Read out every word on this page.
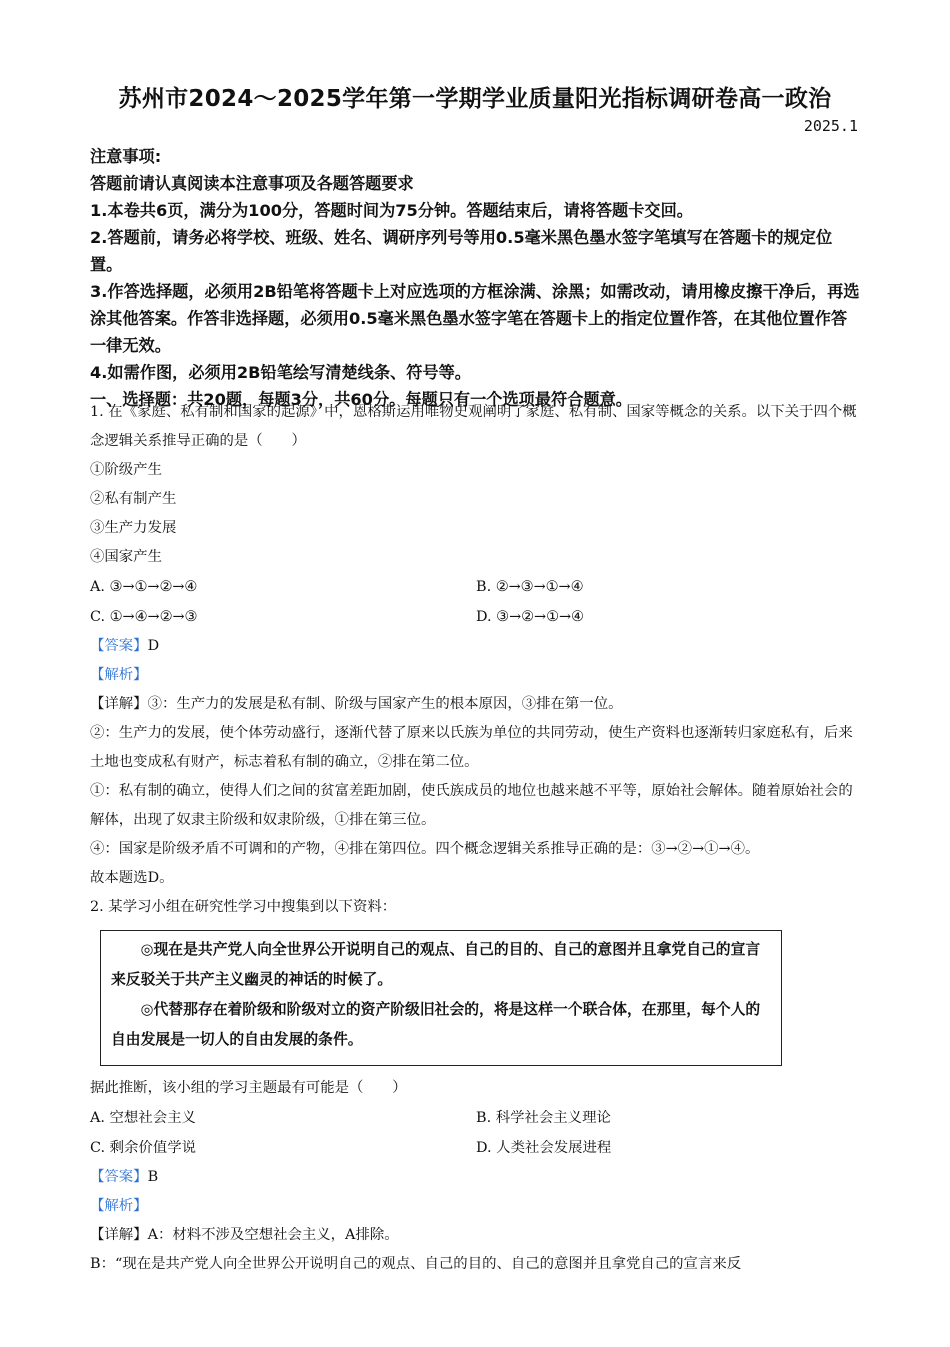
苏州市2024～2025学年第一学期学业质量阳光指标调研卷高一政治
2025.1

注意事项:

答题前请认真阅读本注意事项及各题答题要求

1.本卷共6页，满分为100分，答题时间为75分钟。答题结束后，请将答题卡交回。

2.答题前，请务必将学校、班级、姓名、调研序列号等用0.5毫米黑色墨水签字笔填写在答题卡的规定位置。

3.作答选择题，必须用2B铅笔将答题卡上对应选项的方框涂满、涂黑；如需改动，请用橡皮擦干净后，再选涂其他答案。作答非选择题，必须用0.5毫米黑色墨水签字笔在答题卡上的指定位置作答，在其他位置作答一律无效。

4.如需作图，必须用2B铅笔绘写清楚线条、符号等。

一、选择题：共20题，每题3分，共60分。每题只有一个选项最符合题意。

1. 在《家庭、私有制和国家的起源》中，恩格斯运用唯物史观阐明了家庭、私有制、国家等概念的关系。以下关于四个概念逻辑关系推导正确的是（　　）

①阶级产生

②私有制产生

③生产力发展

④国家产生

A. ③→①→②→④	B. ②→③→①→④
C. ①→④→②→③	D. ③→②→①→④

【答案】D

【解析】

【详解】③：生产力的发展是私有制、阶级与国家产生的根本原因，③排在第一位。

②：生产力的发展，使个体劳动盛行，逐渐代替了原来以氏族为单位的共同劳动，使生产资料也逐渐转归家庭私有，后来土地也变成私有财产，标志着私有制的确立，②排在第二位。

①：私有制的确立，使得人们之间的贫富差距加剧，使氏族成员的地位也越来越不平等，原始社会解体。随着原始社会的解体，出现了奴隶主阶级和奴隶阶级，①排在第三位。

④：国家是阶级矛盾不可调和的产物，④排在第四位。四个概念逻辑关系推导正确的是：③→②→①→④。

故本题选D。

2. 某学习小组在研究性学习中搜集到以下资料：

◎现在是共产党人向全世界公开说明自己的观点、自己的目的、自己的意图并且拿党自己的宣言来反驳关于共产主义幽灵的神话的时候了。

◎代替那存在着阶级和阶级对立的资产阶级旧社会的，将是这样一个联合体，在那里，每个人的自由发展是一切人的自由发展的条件。

据此推断，该小组的学习主题最有可能是（　　）

A. 空想社会主义	B. 科学社会主义理论
C. 剩余价值学说	D. 人类社会发展进程

【答案】B

【解析】

【详解】A：材料不涉及空想社会主义，A排除。

B：“现在是共产党人向全世界公开说明自己的观点、自己的目的、自己的意图并且拿党自己的宣言来反
